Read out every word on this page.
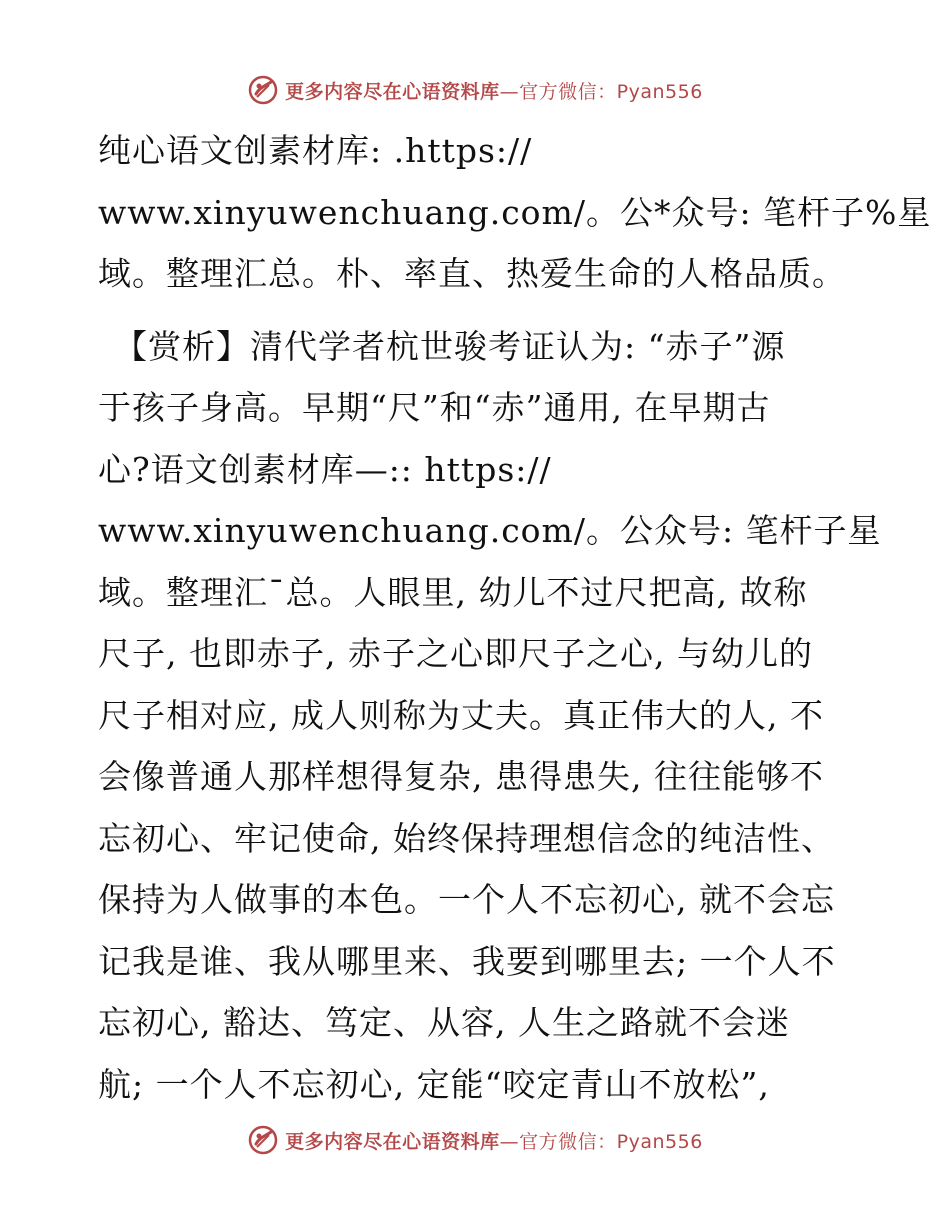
更多内容尽在心语资料库—官方微信：Pyan556
纯心语文创素材库: .https://
www.xinyuwenchuang.com/。公*众号: 笔杆子%星
域。整理汇总。朴、率直、热爱生命的人格品质。
【赏析】清代学者杭世骏考证认为: “赤子”源
于孩子身高。早期“尺”和“赤”通用, 在早期古
心?语文创素材库—:: https://
www.xinyuwenchuang.com/。公众号: 笔杆子星
域。整理汇¯总。人眼里, 幼儿不过尺把高, 故称
尺子, 也即赤子, 赤子之心即尺子之心, 与幼儿的
尺子相对应, 成人则称为丈夫。真正伟大的人, 不
会像普通人那样想得复杂, 患得患失, 往往能够不
忘初心、牢记使命, 始终保持理想信念的纯洁性、
保持为人做事的本色。一个人不忘初心, 就不会忘
记我是谁、我从哪里来、我要到哪里去; 一个人不
忘初心, 豁达、笃定、从容, 人生之路就不会迷
航; 一个人不忘初心, 定能“咬定青山不放松”,
更多内容尽在心语资料库—官方微信：Pyan556
